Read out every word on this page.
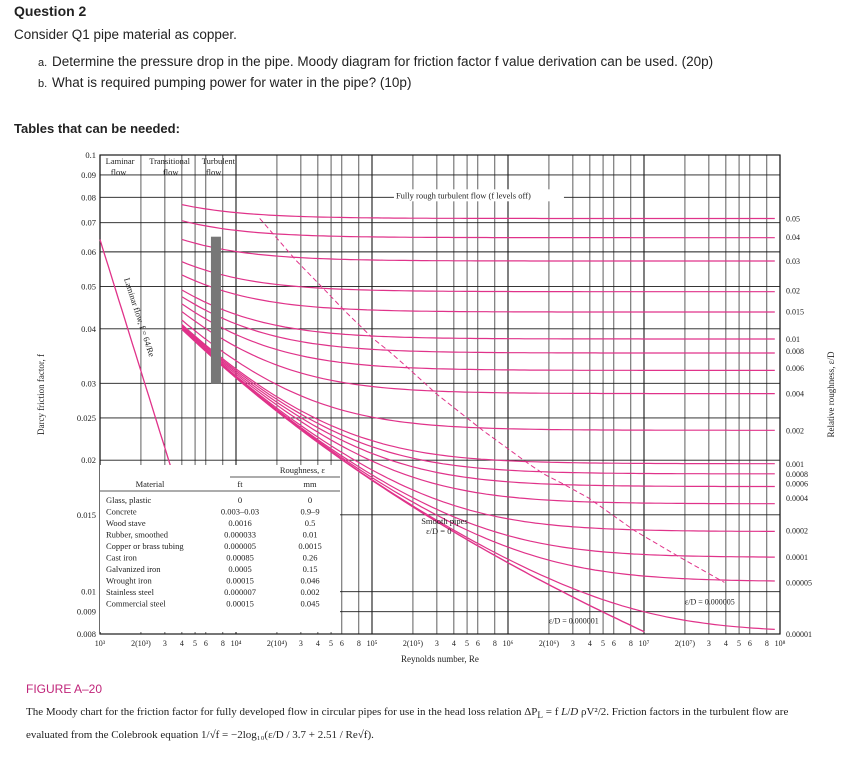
Question 2
Consider Q1 pipe material as copper.
a. Determine the pressure drop in the pipe. Moody diagram for friction factor f value derivation can be used. (20p)
b. What is required pumping power for water in the pipe? (10p)
Tables that can be needed:
0.1
0.09
0.08
0.07
0.06
0.05
0.04
0.03
0.025
0.02
0.015
0.01
0.009
0.008
10³	2(10³) 3 4 5 6 8 10⁴	2(10⁴) 3 4 5 6 8 10⁵	2(10⁵) 3 4 5 6 8 10⁶	2(10⁶) 3 4 5 6 8 10⁷	2(10⁷) 3 4 5 6 8 10⁸
Reynolds number, Re
Darcy friction factor, f	Relative roughness, ε/D
0.05
0.04
0.03
0.02
0.015
0.01
0.008
0.006
0.004
0.002
0.001
0.0008
0.0006
0.0004
0.0002
0.0001
0.00005
0.00001
Laminar
flow
Transitional
flow
Turbulent
flow
Fully rough turbulent flow (f levels off)
Laminar flow, f = 64/Re
Smooth pipes
ε/D = 0
ε/D = 0.000005
ε/D = 0.000001
Roughness, ε
Material	ft	mm
Glass, plastic	0	0
Concrete	0.003–0.03	0.9–9
Wood stave	0.0016	0.5
Rubber, smoothed	0.000033	0.01
Copper or brass tubing	0.000005	0.0015
Cast iron	0.00085	0.26
Galvanized iron	0.0005	0.15
Wrought iron	0.00015	0.046
Stainless steel	0.000007	0.002
Commercial steel	0.00015	0.045
FIGURE A–20
The Moody chart for the friction factor for fully developed flow in circular pipes for use in the head loss relation $\Delta P_L = f$ L/D ρV²/2. Friction factors in the turbulent flow are
evaluated from the Colebrook equation 1/√f = −2log₁₀(ε/D / 3.7 + 2.51 / Re√f).
